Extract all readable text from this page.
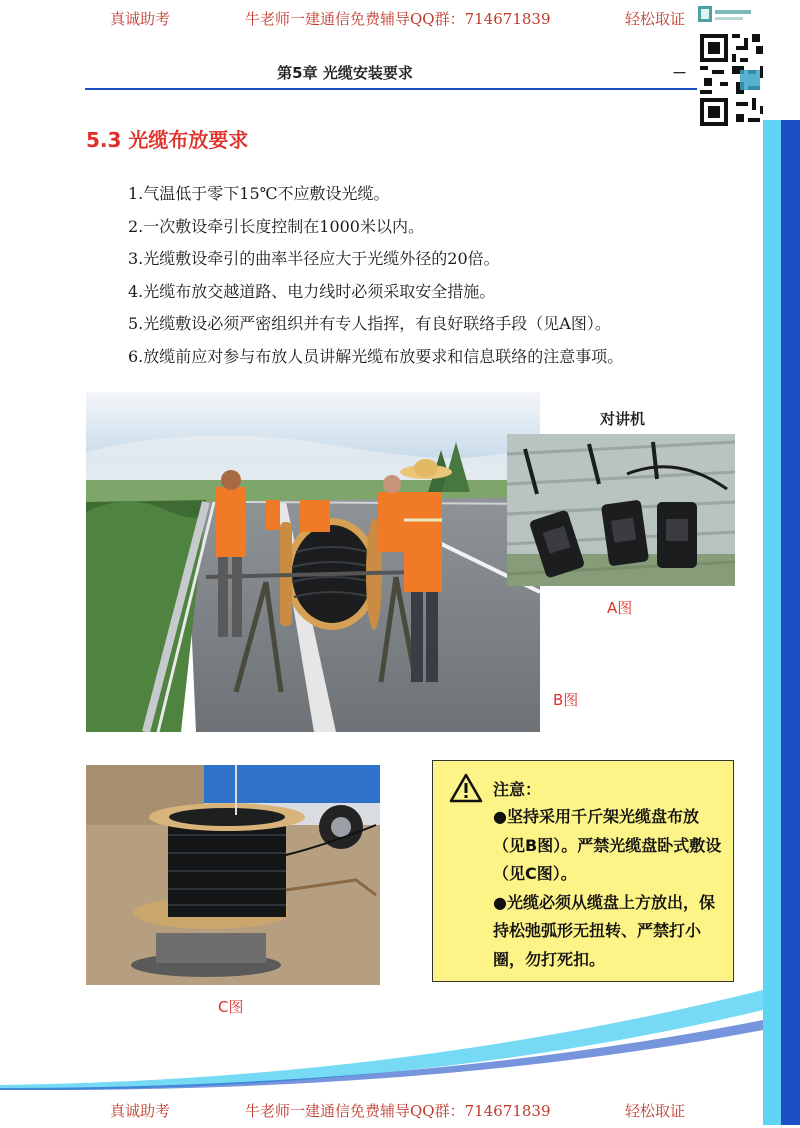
真诚助考	牛老师一建通信免费辅导QQ群：714671839	轻松取证
第5章 光缆安装要求	－
5.3 光缆布放要求
1.气温低于零下15℃不应敷设光缆。
2.一次敷设牵引长度控制在1000米以内。
3.光缆敷设牵引的曲率半径应大于光缆外径的20倍。
4.光缆布放交越道路、电力线时必须采取安全措施。
5.光缆敷设必须严密组织并有专人指挥，有良好联络手段（见A图）。
6.放缆前应对参与布放人员讲解光缆布放要求和信息联络的注意事项。
对讲机
A图
B图
C图
注意：

●坚持采用千斤架光缆盘布放（见B图）。严禁光缆盘卧式敷设（见C图）。

●光缆必须从缆盘上方放出，保持松弛弧形无扭转、严禁打小圈，勿打死扣。

真诚助考	牛老师一建通信免费辅导QQ群：714671839	轻松取证
